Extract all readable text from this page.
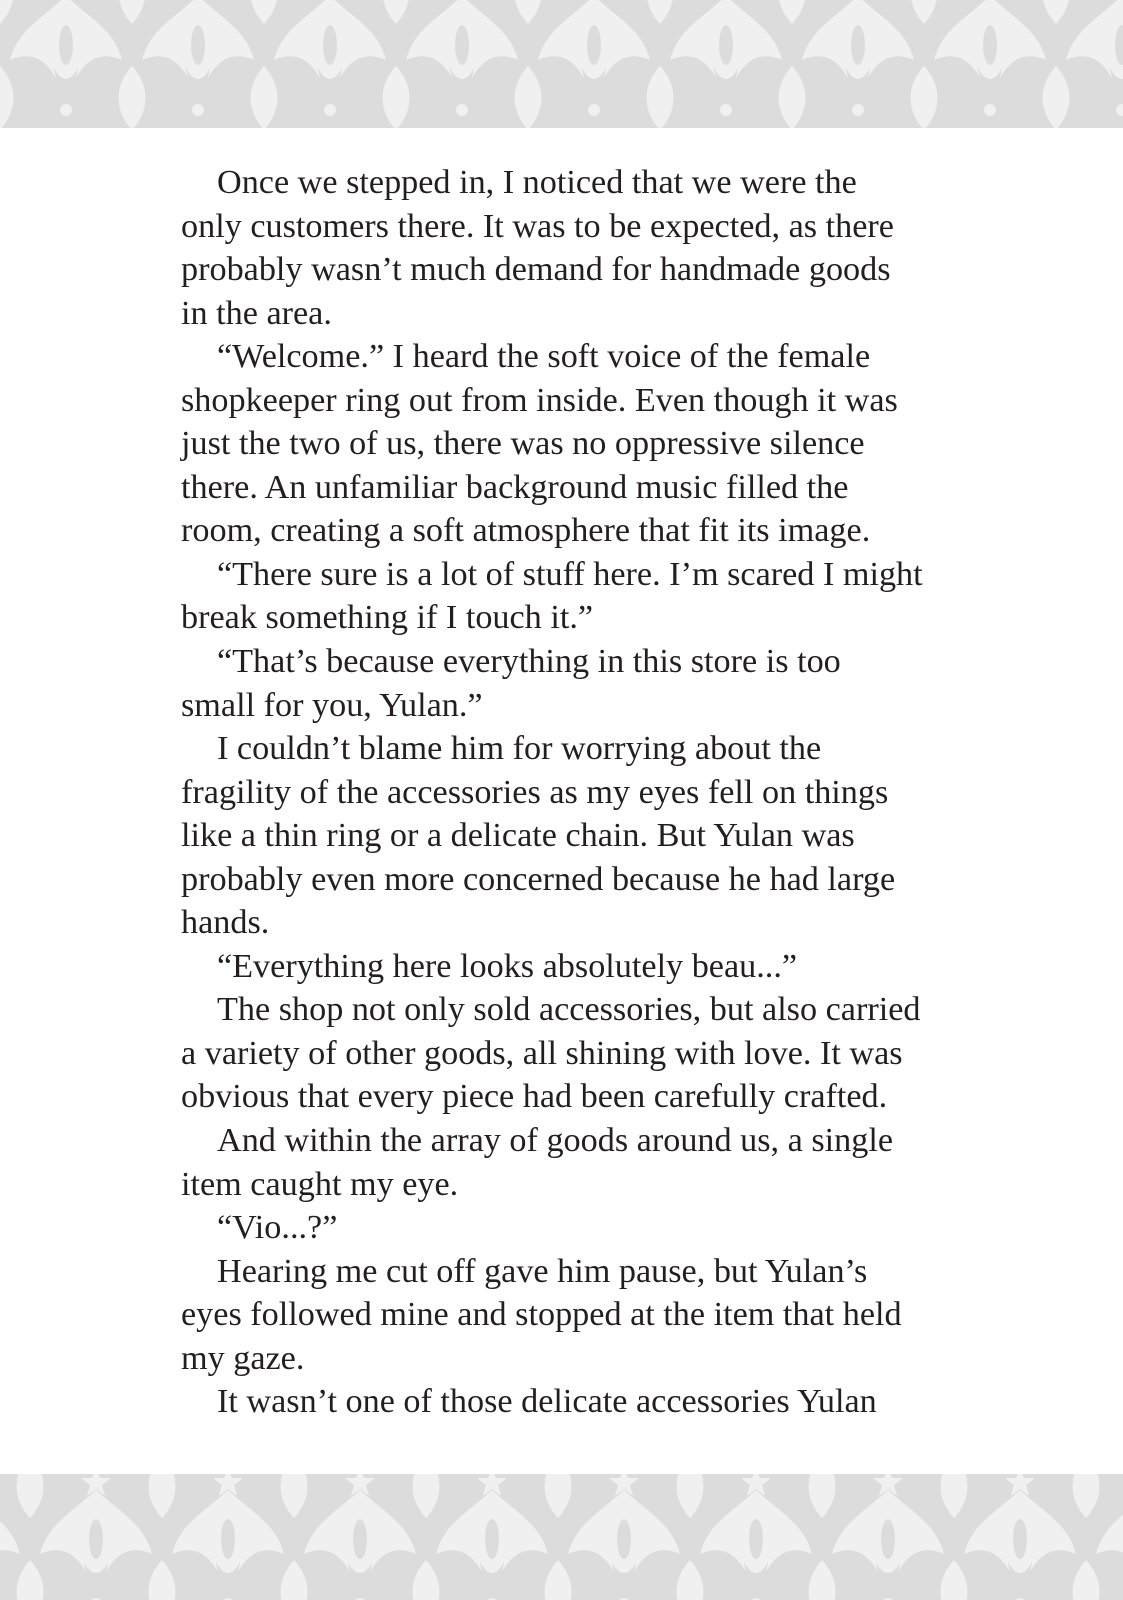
Once we stepped in, I noticed that we were the
only customers there. It was to be expected, as there
probably wasn’t much demand for handmade goods
in the area.
“Welcome.” I heard the soft voice of the female
shopkeeper ring out from inside. Even though it was
just the two of us, there was no oppressive silence
there. An unfamiliar background music filled the
room, creating a soft atmosphere that fit its image.
“There sure is a lot of stuff here. I’m scared I might
break something if I touch it.”
“That’s because everything in this store is too
small for you, Yulan.”
I couldn’t blame him for worrying about the
fragility of the accessories as my eyes fell on things
like a thin ring or a delicate chain. But Yulan was
probably even more concerned because he had large
hands.
“Everything here looks absolutely beau...”
The shop not only sold accessories, but also carried
a variety of other goods, all shining with love. It was
obvious that every piece had been carefully crafted.
And within the array of goods around us, a single
item caught my eye.
“Vio...?”
Hearing me cut off gave him pause, but Yulan’s
eyes followed mine and stopped at the item that held
my gaze.
It wasn’t one of those delicate accessories Yulan
